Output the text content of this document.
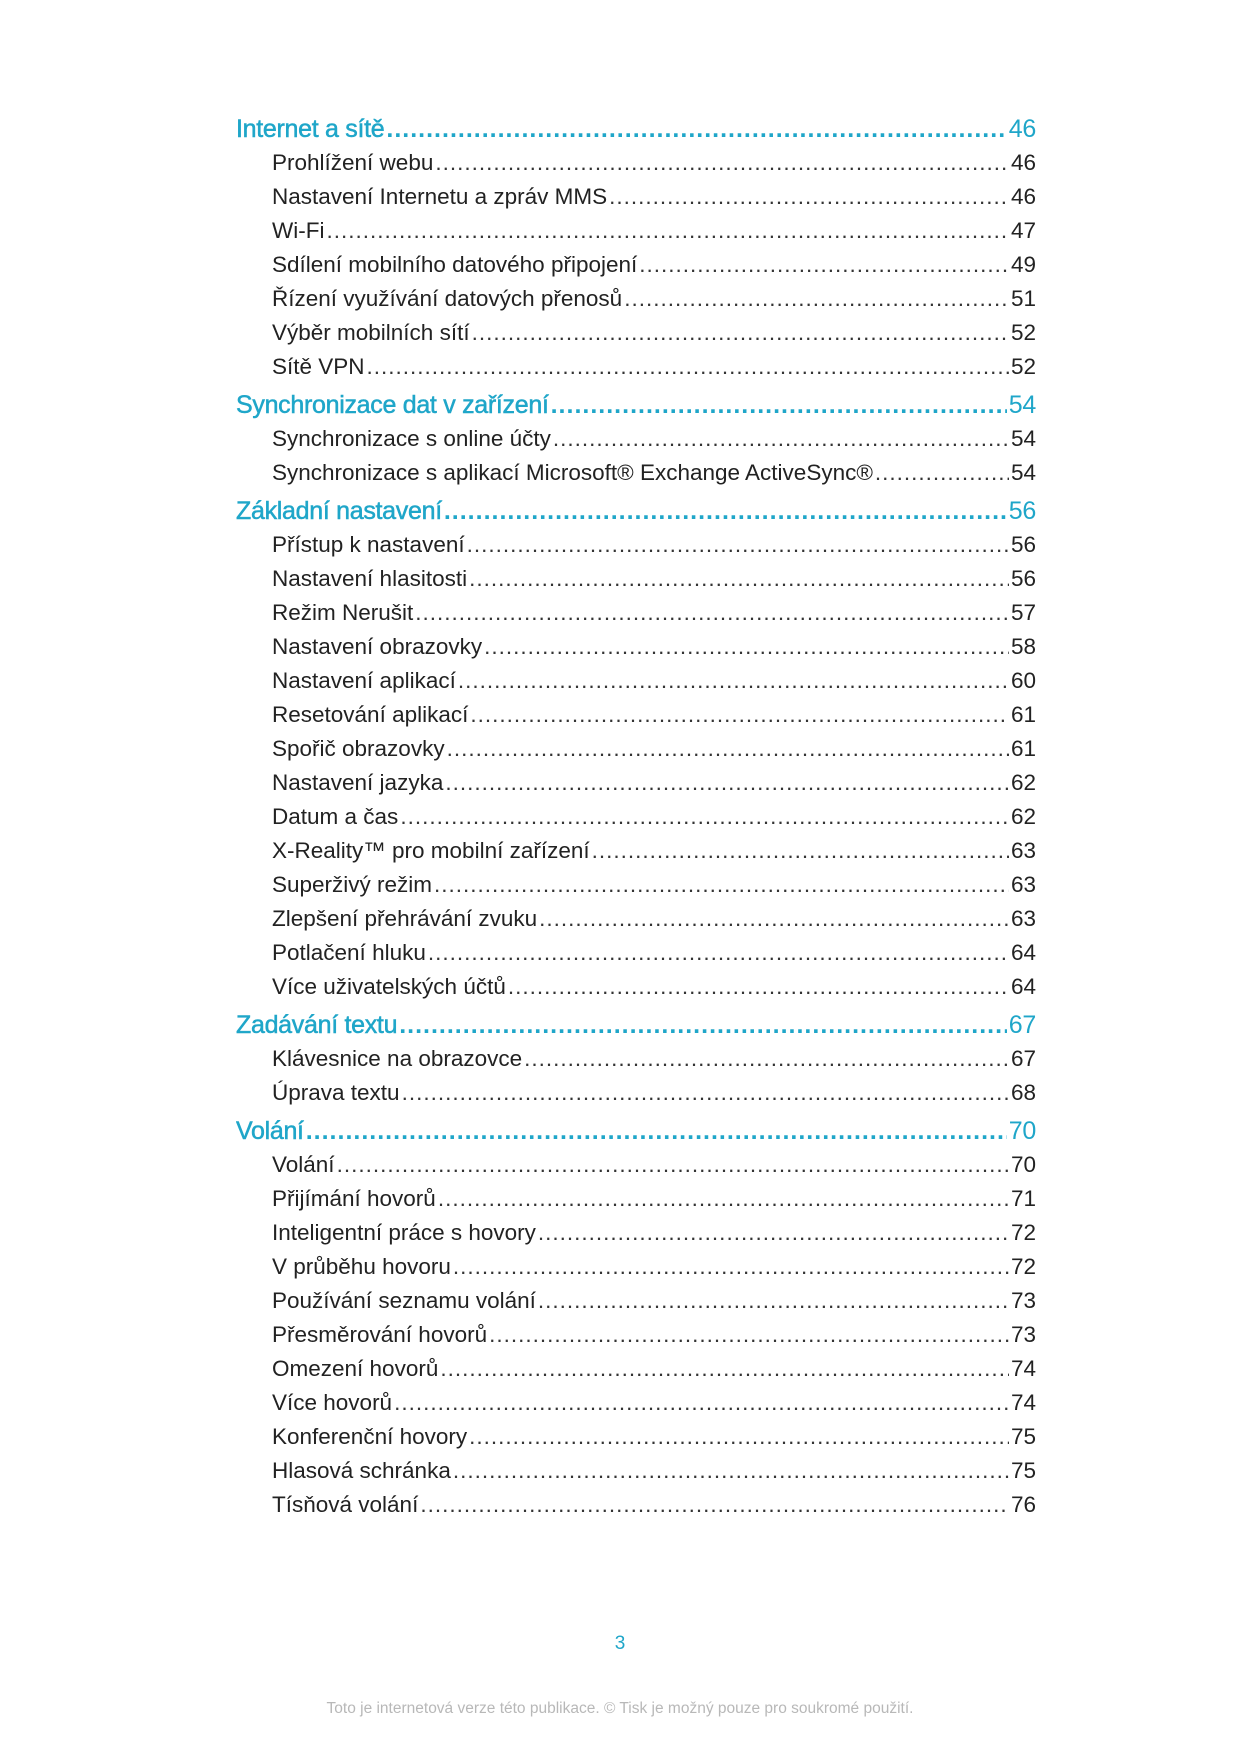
Internet a sítě .....	46
Prohlížení webu .....	46
Nastavení Internetu a zpráv MMS .....	46
Wi-Fi .....	47
Sdílení mobilního datového připojení .....	49
Řízení využívání datových přenosů .....	51
Výběr mobilních sítí .....	52
Sítě VPN .....	52
Synchronizace dat v zařízení .....	54
Synchronizace s online účty .....	54
Synchronizace s aplikací Microsoft® Exchange ActiveSync® .....	54
Základní nastavení .....	56
Přístup k nastavení .....	56
Nastavení hlasitosti .....	56
Režim Nerušit .....	57
Nastavení obrazovky .....	58
Nastavení aplikací .....	60
Resetování aplikací .....	61
Spořič obrazovky .....	61
Nastavení jazyka .....	62
Datum a čas .....	62
X-Reality™ pro mobilní zařízení .....	63
Superživý režim .....	63
Zlepšení přehrávání zvuku .....	63
Potlačení hluku .....	64
Více uživatelských účtů .....	64
Zadávání textu .....	67
Klávesnice na obrazovce .....	67
Úprava textu .....	68
Volání .....	70
Volání .....	70
Přijímání hovorů .....	71
Inteligentní práce s hovory .....	72
V průběhu hovoru .....	72
Používání seznamu volání .....	73
Přesměrování hovorů .....	73
Omezení hovorů .....	74
Více hovorů .....	74
Konferenční hovory .....	75
Hlasová schránka .....	75
Tísňová volání .....	76
3
Toto je internetová verze této publikace. © Tisk je možný pouze pro soukromé použití.
